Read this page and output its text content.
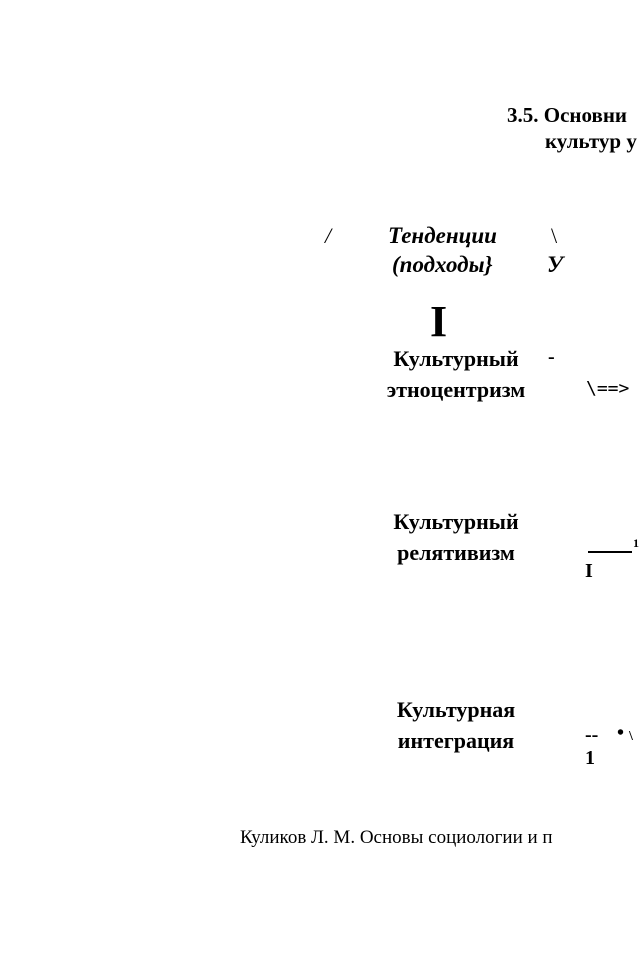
3.5. Основни
культур у
/ Тенденции
(подходы}
\
У
I
Культурный	-
этноцентризм	\==>
Культурный
релятивизм	1
I
Культурная
интеграция	-- • \
1
Куликов Л. М. Основы социологии и п
